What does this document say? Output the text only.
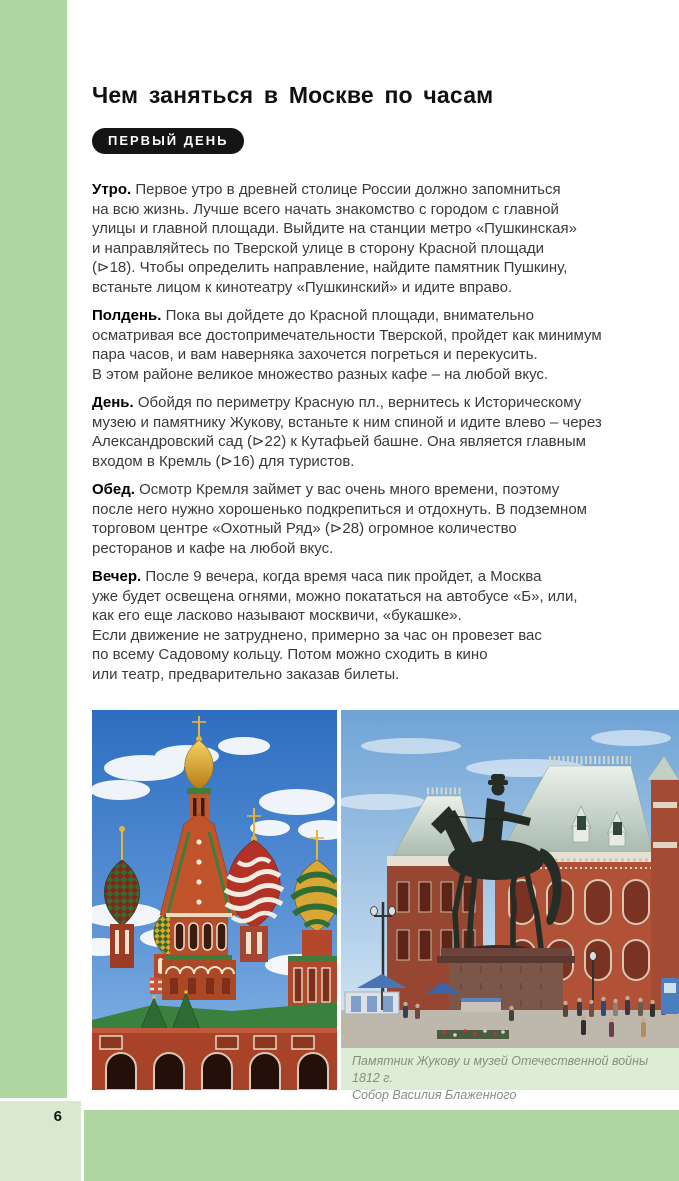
Чем заняться в Москве по часам
ПЕРВЫЙ ДЕНЬ

Утро. Первое утро в древней столице России должно запомниться
на всю жизнь. Лучше всего начать знакомство с городом с главной
улицы и главной площади. Выйдите на станции метро «Пушкинская»
и направляйтесь по Тверской улице в сторону Красной площади
(⊳18). Чтобы определить направление, найдите памятник Пушкину,
встаньте лицом к кинотеатру «Пушкинский» и идите вправо.

Полдень. Пока вы дойдете до Красной площади, внимательно
осматривая все достопримечательности Тверской, пройдет как минимум
пара часов, и вам наверняка захочется погреться и перекусить.
В этом районе великое множество разных кафе – на любой вкус.

День. Обойдя по периметру Красную пл., вернитесь к Историческому
музею и памятнику Жукову, встаньте к ним спиной и идите влево – через
Александровский сад (⊳22) к Кутафьей башне. Она является главным
входом в Кремль (⊳16) для туристов.

Обед. Осмотр Кремля займет у вас очень много времени, поэтому
после него нужно хорошенько подкрепиться и отдохнуть. В подземном
торговом центре «Охотный Ряд» (⊳28) огромное количество
ресторанов и кафе на любой вкус.

Вечер. После 9 вечера, когда время часа пик пройдет, а Москва
уже будет освещена огнями, можно покататься на автобусе «Б», или,
как его еще ласково называют москвичи, «букашке».
Если движение не затруднено, примерно за час он провезет вас
по всему Садовому кольцу. Потом можно сходить в кино
или театр, предварительно заказав билеты.

Памятник Жукову и музей Отечественной войны 1812 г.
Собор Василия Блаженного
6
